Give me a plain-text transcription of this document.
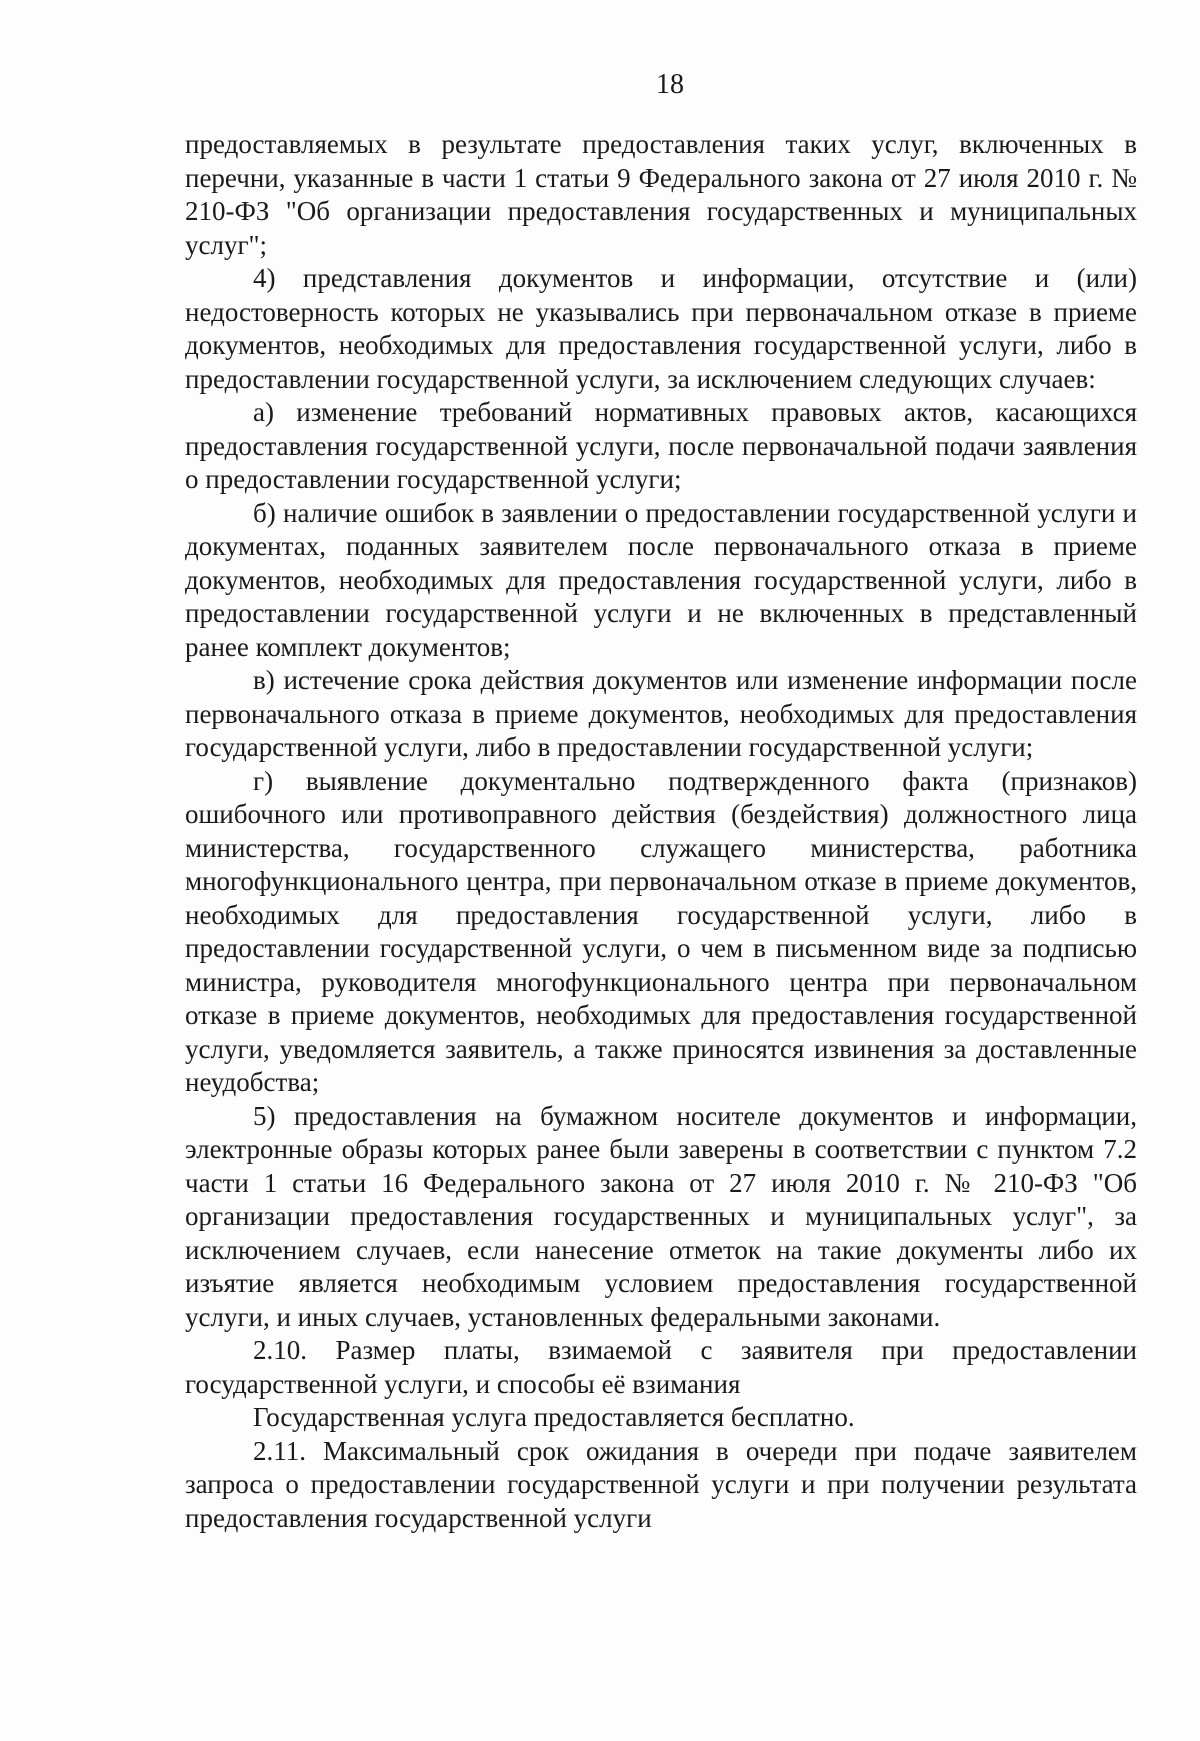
18

предоставляемых в результате предоставления таких услуг, включенных в перечни, указанные в части 1 статьи 9 Федерального закона от 27 июля 2010 г. № 210-ФЗ "Об организации предоставления государственных и муниципальных услуг";

4) представления документов и информации, отсутствие и (или) недостоверность которых не указывались при первоначальном отказе в приеме документов, необходимых для предоставления государственной услуги, либо в предоставлении государственной услуги, за исключением следующих случаев:

а) изменение требований нормативных правовых актов, касающихся предоставления государственной услуги, после первоначальной подачи заявления о предоставлении государственной услуги;

б) наличие ошибок в заявлении о предоставлении государственной услуги и документах, поданных заявителем после первоначального отказа в приеме документов, необходимых для предоставления государственной услуги, либо в предоставлении государственной услуги и не включенных в представленный ранее комплект документов;

в) истечение срока действия документов или изменение информации после первоначального отказа в приеме документов, необходимых для предоставления государственной услуги, либо в предоставлении государственной услуги;

г) выявление документально подтвержденного факта (признаков) ошибочного или противоправного действия (бездействия) должностного лица министерства, государственного служащего министерства, работника многофункционального центра, при первоначальном отказе в приеме документов, необходимых для предоставления государственной услуги, либо в предоставлении государственной услуги, о чем в письменном виде за подписью министра, руководителя многофункционального центра при первоначальном отказе в приеме документов, необходимых для предоставления государственной услуги, уведомляется заявитель, а также приносятся извинения за доставленные неудобства;

5) предоставления на бумажном носителе документов и информации, электронные образы которых ранее были заверены в соответствии с пунктом 7.2 части 1 статьи 16 Федерального закона от 27 июля 2010 г. № 210-ФЗ "Об организации предоставления государственных и муниципальных услуг", за исключением случаев, если нанесение отметок на такие документы либо их изъятие является необходимым условием предоставления государственной услуги, и иных случаев, установленных федеральными законами.

2.10. Размер платы, взимаемой с заявителя при предоставлении государственной услуги, и способы её взимания

Государственная услуга предоставляется бесплатно.

2.11. Максимальный срок ожидания в очереди при подаче заявителем запроса о предоставлении государственной услуги и при получении результата предоставления государственной услуги
